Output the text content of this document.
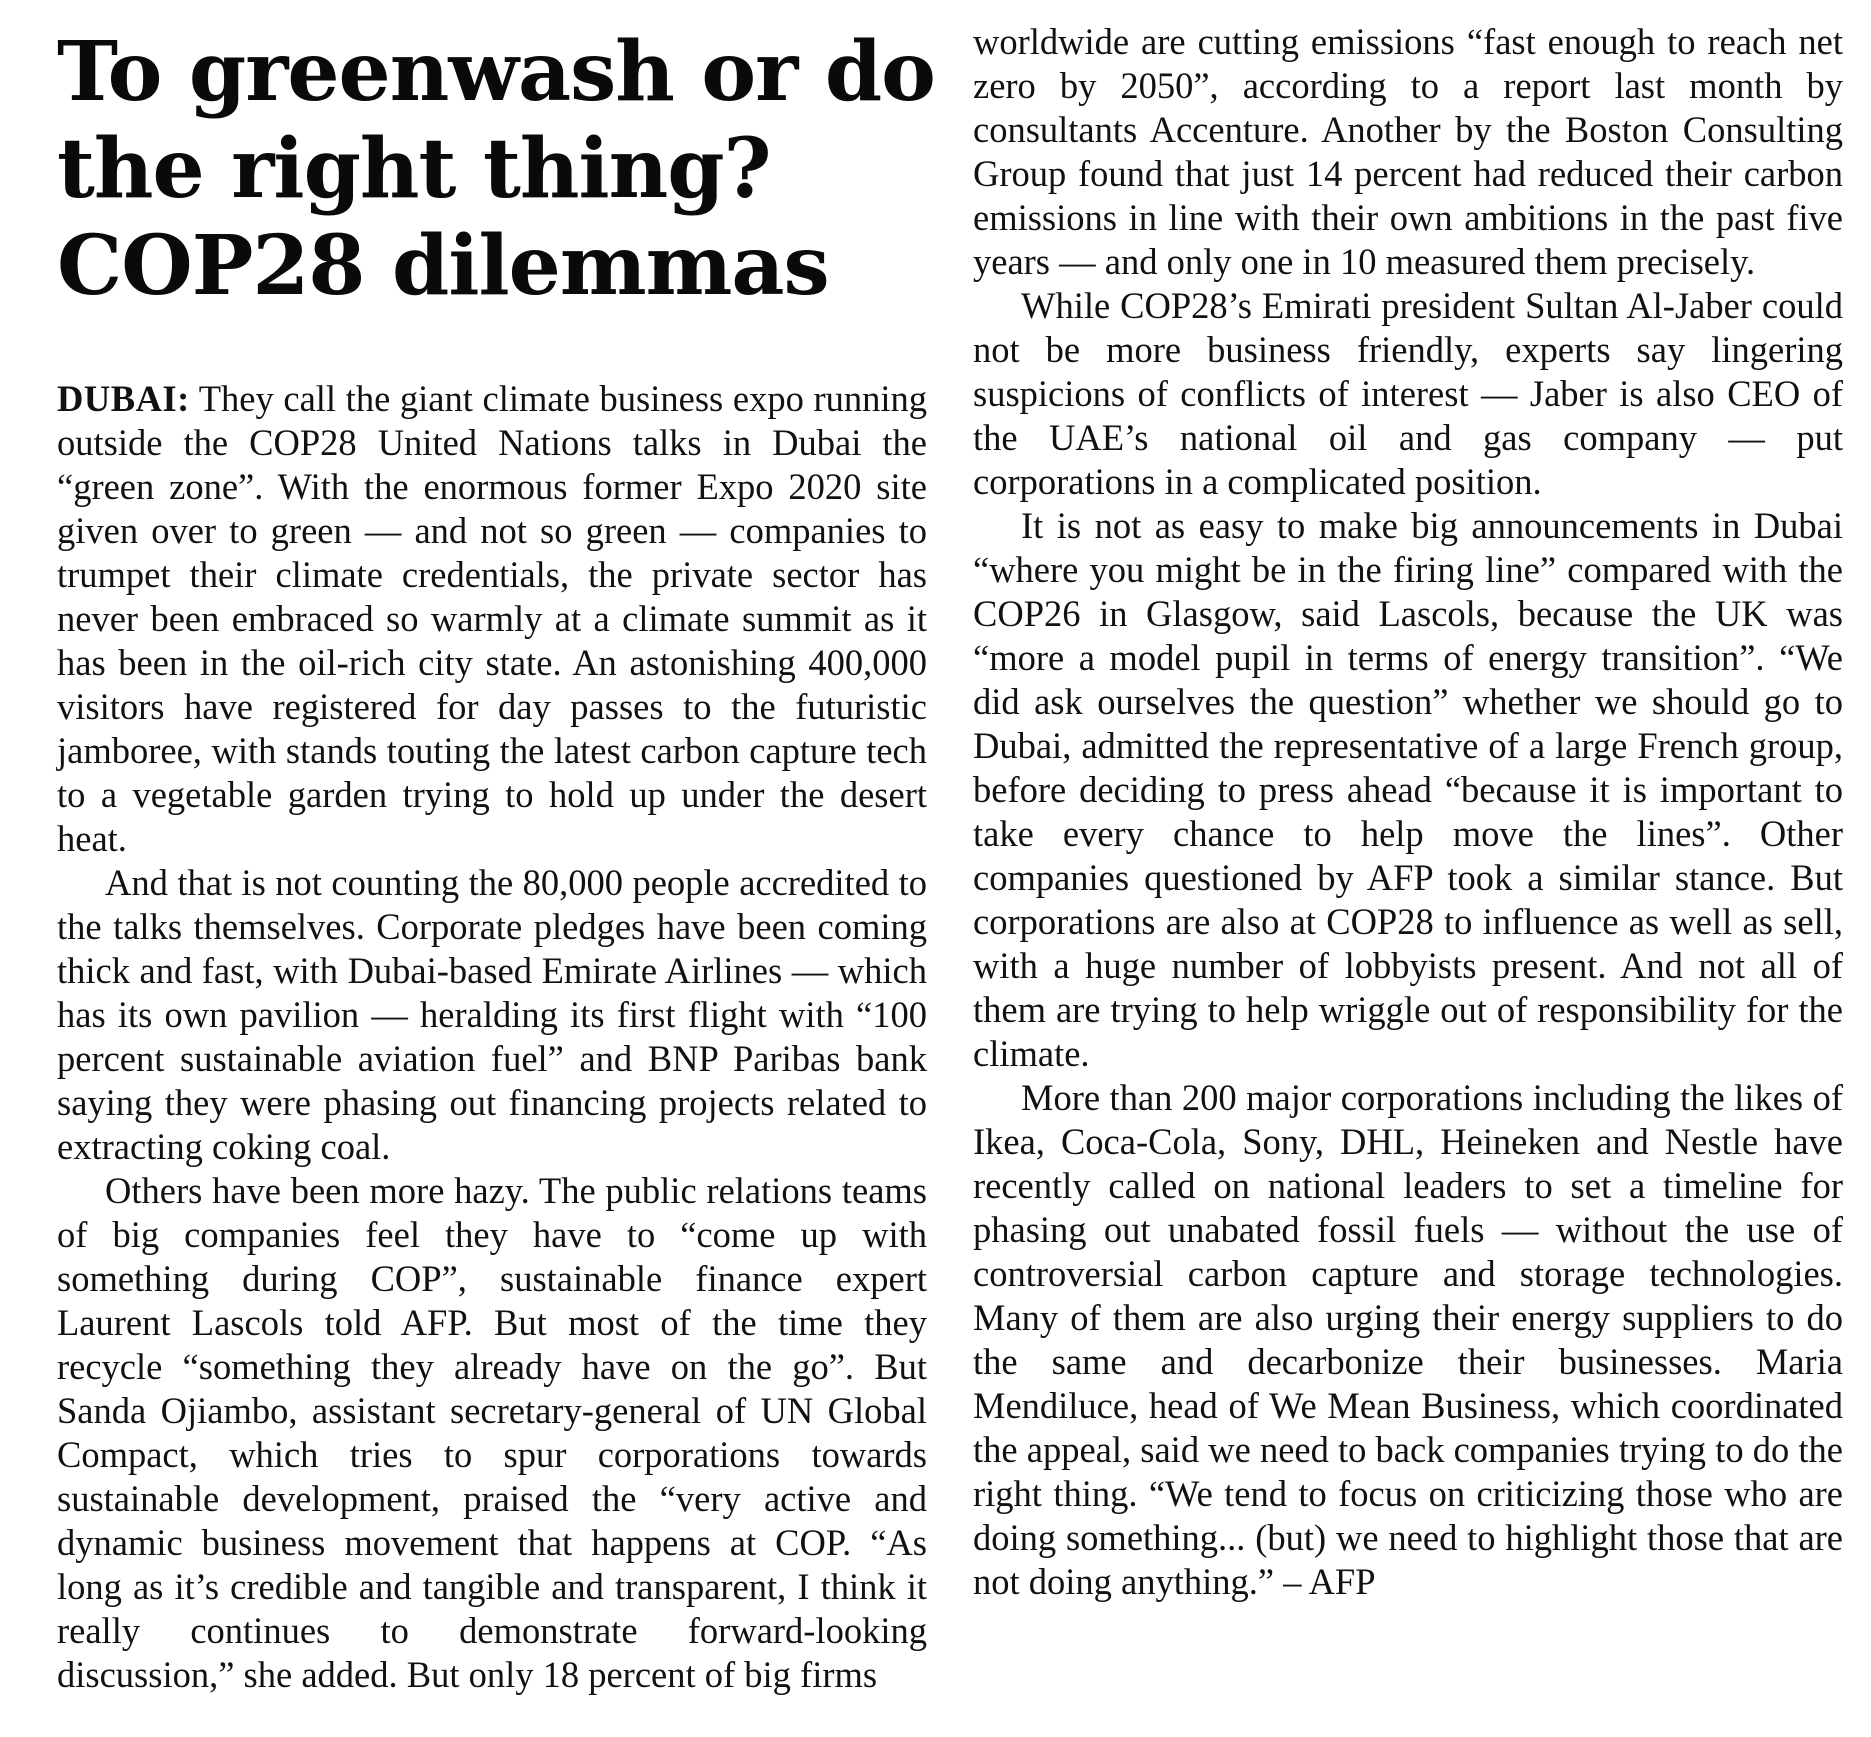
To greenwash or do
the right thing?
COP28 dilemmas

DUBAI: They call the giant climate business expo running outside the COP28 United Nations talks in Dubai the “green zone”. With the enormous former Expo 2020 site given over to green — and not so green — companies to trumpet their climate credentials, the private sector has never been embraced so warmly at a climate summit as it has been in the oil-rich city state. An astonishing 400,000 visitors have registered for day passes to the futuristic jamboree, with stands touting the latest carbon capture tech to a vegetable garden trying to hold up under the desert heat.

And that is not counting the 80,000 people accredited to the talks themselves. Corporate pledges have been coming thick and fast, with Dubai-based Emirate Airlines — which has its own pavilion — heralding its first flight with “100 percent sustainable aviation fuel” and BNP Paribas bank saying they were phasing out financing projects related to extracting coking coal.

Others have been more hazy. The public relations teams of big companies feel they have to “come up with something during COP”, sustainable finance expert Laurent Lascols told AFP. But most of the time they recycle “something they already have on the go”. But Sanda Ojiambo, assistant secretary-general of UN Global Compact, which tries to spur corporations towards sustainable development, praised the “very active and dynamic business movement that happens at COP. “As long as it’s credible and tangible and transparent, I think it really continues to demonstrate forward-looking discussion,” she added. But only 18 percent of big firms

worldwide are cutting emissions “fast enough to reach net zero by 2050”, according to a report last month by consultants Accenture. Another by the Boston Consulting Group found that just 14 percent had reduced their carbon emissions in line with their own ambitions in the past five years — and only one in 10 measured them precisely.

While COP28’s Emirati president Sultan Al-Jaber could not be more business friendly, experts say lingering suspicions of conflicts of interest — Jaber is also CEO of the UAE’s national oil and gas company — put corporations in a complicated position.

It is not as easy to make big announcements in Dubai “where you might be in the firing line” compared with the COP26 in Glasgow, said Lascols, because the UK was “more a model pupil in terms of energy transition”. “We did ask ourselves the question” whether we should go to Dubai, admitted the representative of a large French group, before deciding to press ahead “because it is important to take every chance to help move the lines”. Other companies questioned by AFP took a similar stance. But corporations are also at COP28 to influence as well as sell, with a huge number of lobbyists present. And not all of them are trying to help wriggle out of responsibility for the climate.

More than 200 major corporations including the likes of Ikea, Coca-Cola, Sony, DHL, Heineken and Nestle have recently called on national leaders to set a timeline for phasing out unabated fossil fuels — without the use of controversial carbon capture and storage technologies. Many of them are also urging their energy suppliers to do the same and decarbonize their businesses. Maria Mendiluce, head of We Mean Business, which coordinated the appeal, said we need to back companies trying to do the right thing. “We tend to focus on criticizing those who are doing something... (but) we need to highlight those that are not doing anything.” – AFP
